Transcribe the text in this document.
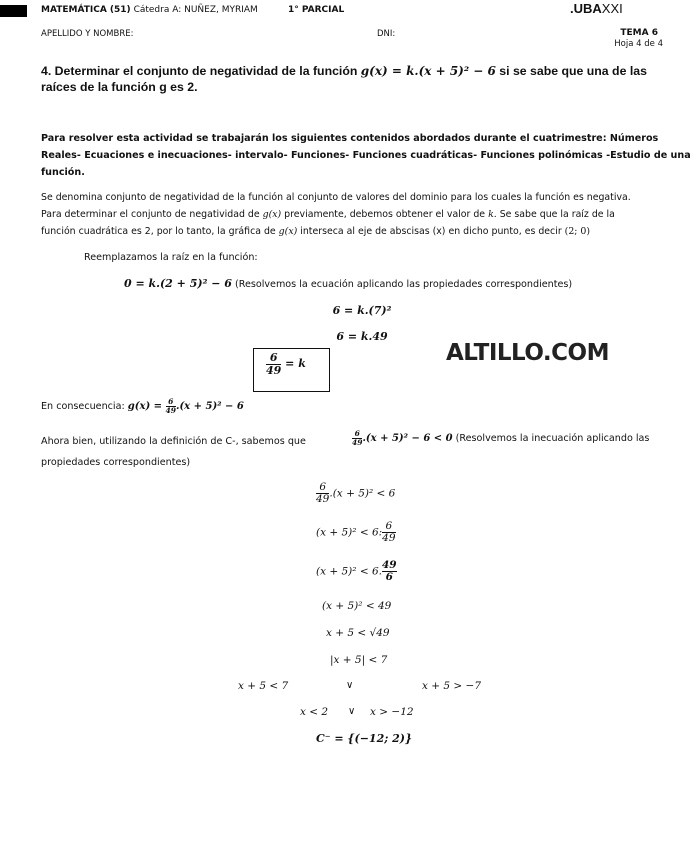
MATEMÁTICA (51) Cátedra A: NUÑEZ, MYRIAM	1° PARCIAL	.UBAXXI
APELLIDO Y NOMBRE:	DNI:	TEMA 6
Hoja 4 de 4
4. Determinar el conjunto de negatividad de la función g(x) = k.(x + 5)² − 6 si se sabe que una de las
raíces de la función g es 2.
Para resolver esta actividad se trabajarán los siguientes contenidos abordados durante el cuatrimestre: Números Reales- Ecuaciones e inecuaciones- intervalo- Funciones- Funciones cuadráticas- Funciones polinómicas -Estudio de una función.
Se denomina conjunto de negatividad de la función al conjunto de valores del dominio para los cuales la función es negativa.
Para determinar el conjunto de negatividad de g(x) previamente, debemos obtener el valor de k. Se sabe que la raíz de la
función cuadrática es 2, por lo tanto, la gráfica de g(x) interseca al eje de abscisas (x) en dicho punto, es decir (2; 0)
Reemplazamos la raíz en la función:
0 = k.(2 + 5)² − 6 (Resolvemos la ecuación aplicando las propiedades correspondientes)
6 = k.(7)²
6 = k.49
$\frac{6}{49} = k$	ALTILLO.COM
En consecuencia: $g(x) = \frac{6}{49} .(x + 5)^2 - 6$
Ahora bien, utilizando la definición de C-, sabemos que	$\frac{6}{49} .(x + 5)^2 - 6 < 0$ (Resolvemos la inecuación aplicando las
propiedades correspondientes)
$\frac{6}{49} .(x + 5)^2 < 6$
(x + 5)² < 6: $\frac{6}{49}$
(x + 5)² < 6. $\frac{49}{6}$
(x + 5)² < 49
x + 5 < √49
|x + 5| < 7
x + 5 < 7	∨	x + 5 > −7
x < 2 ∨ x > −12
C⁻ = {(−12; 2)}
